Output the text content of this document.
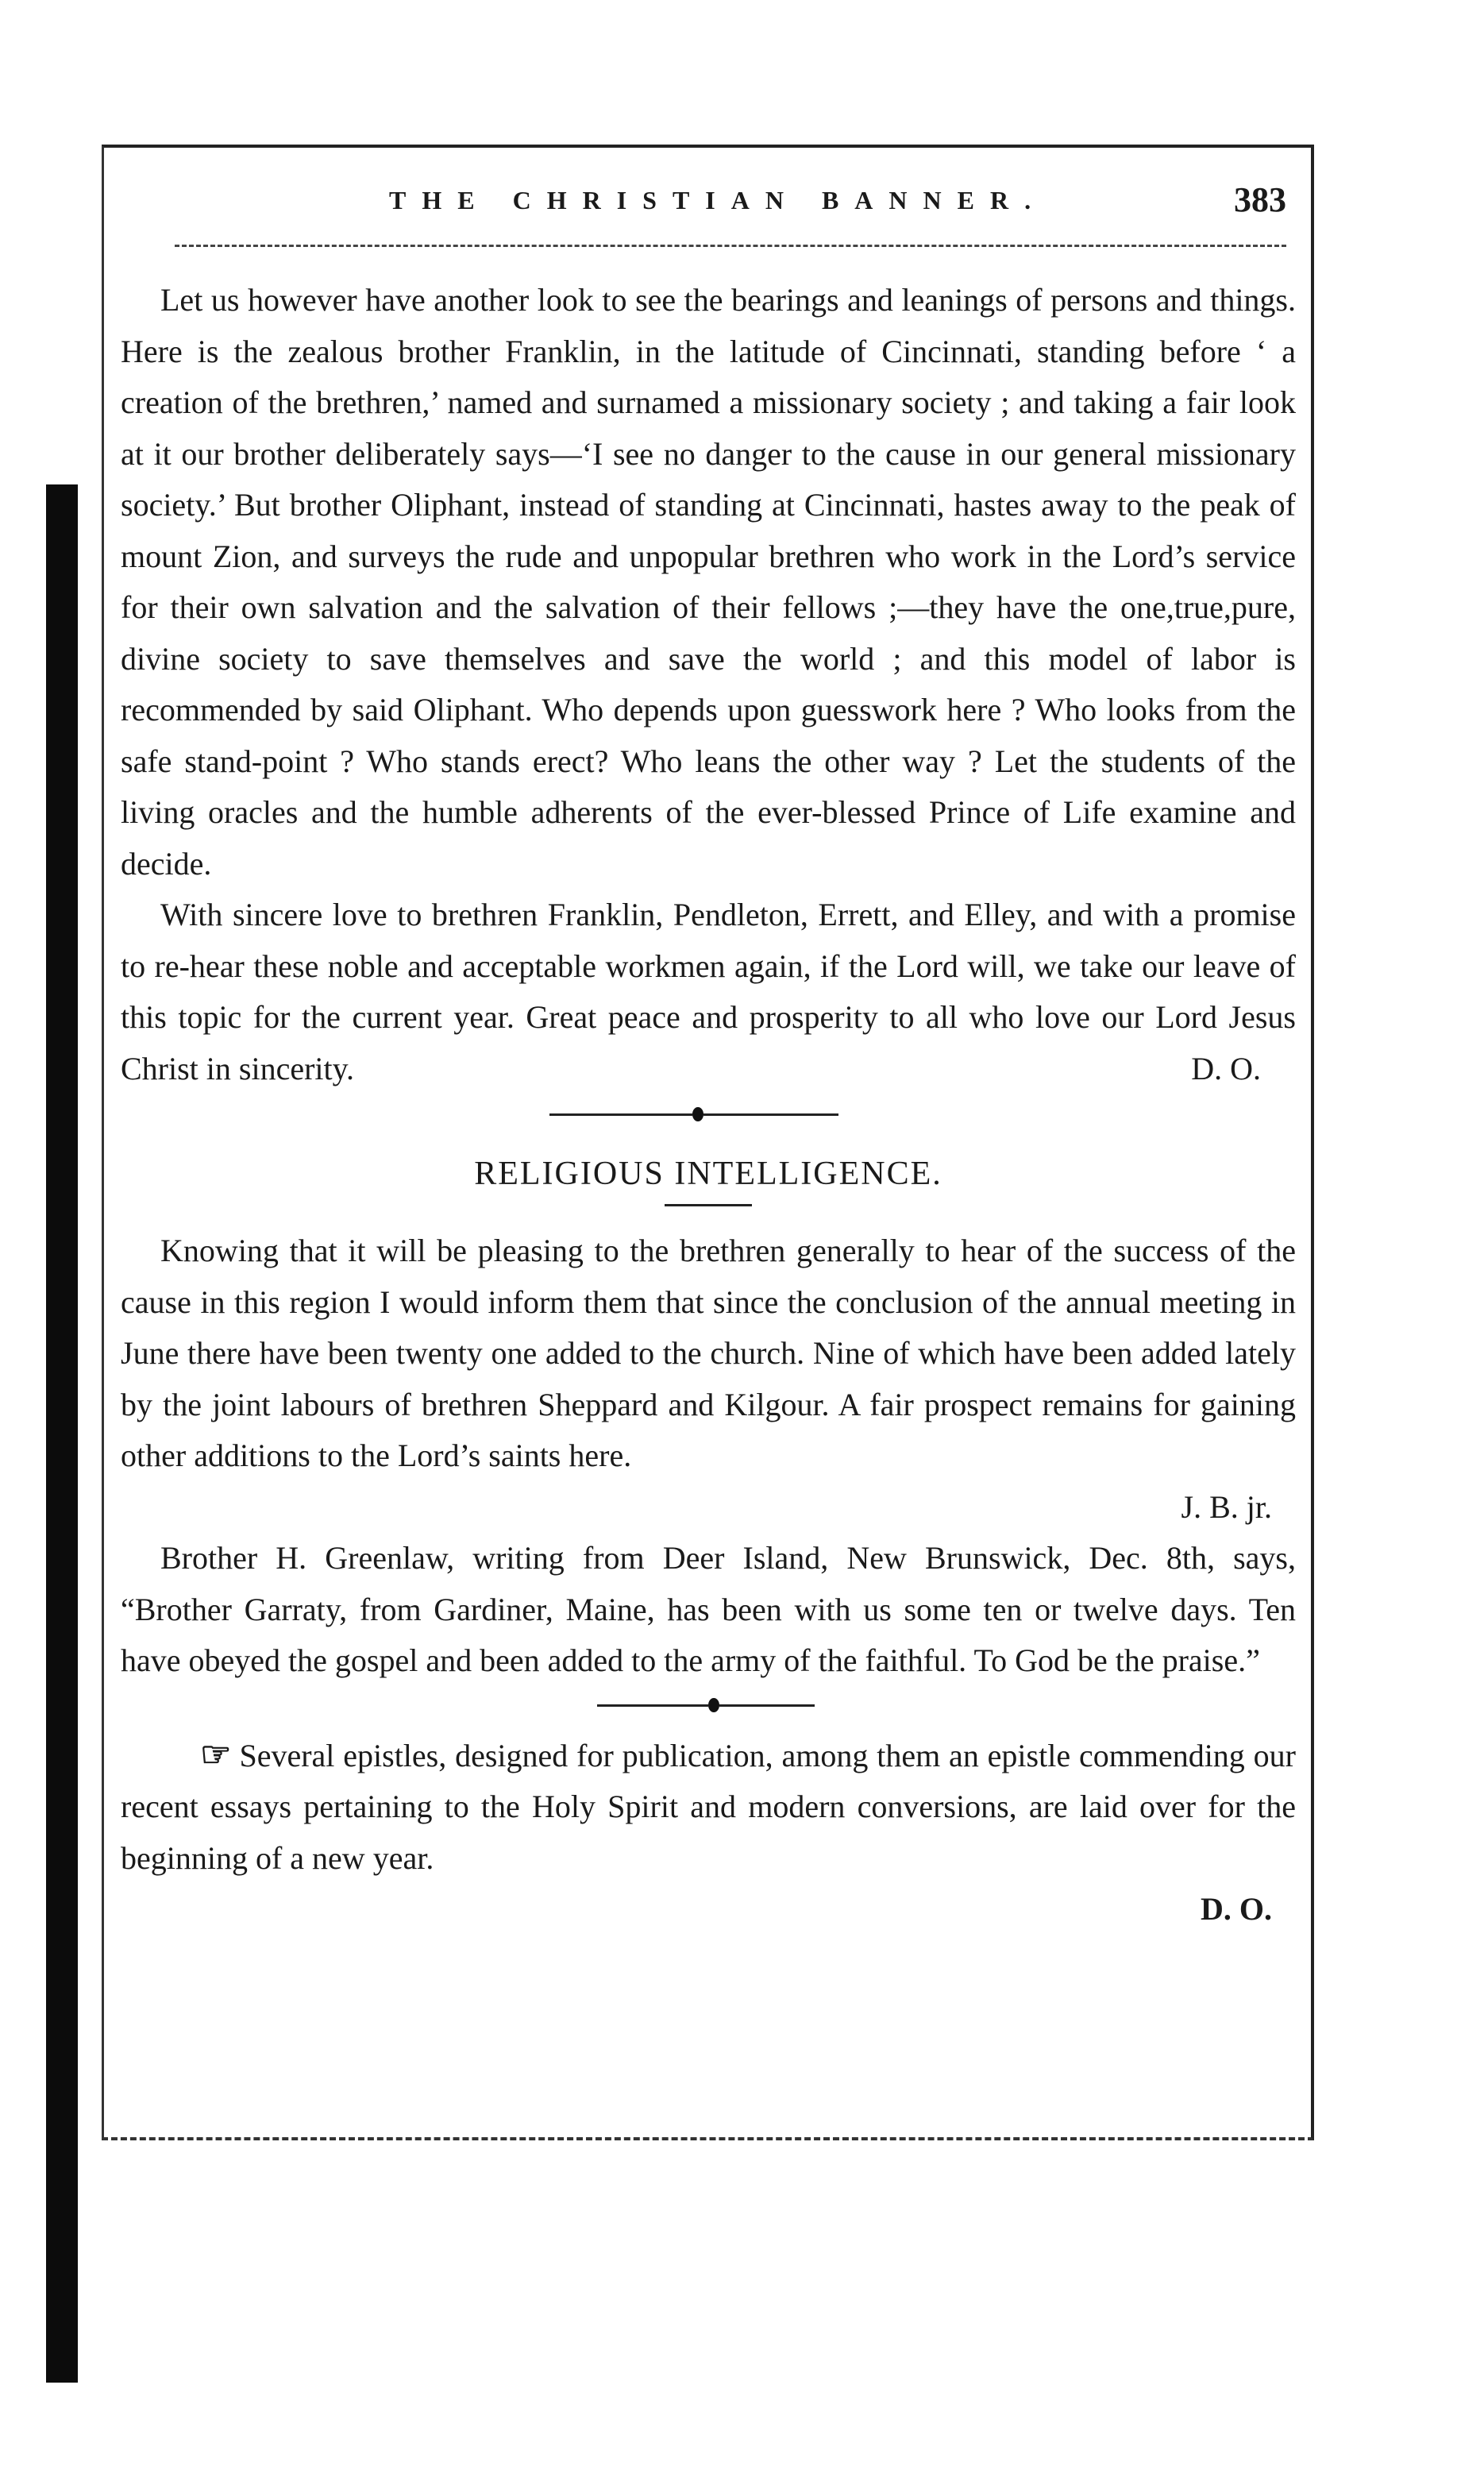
THE CHRISTIAN BANNER.	383

Let us however have another look to see the bearings and leanings of persons and things. Here is the zealous brother Franklin, in the latitude of Cincinnati, standing before ‘ a creation of the brethren,’ named and surnamed a missionary society ; and taking a fair look at it our brother deliberately says—‘I see no danger to the cause in our general missionary society.’ But brother Oliphant, instead of standing at Cincinnati, hastes away to the peak of mount Zion, and surveys the rude and unpopular brethren who work in the Lord’s service for their own salvation and the salvation of their fellows ;—they have the one,true,pure, divine society to save themselves and save the world ; and this model of labor is recommended by said Oliphant. Who depends upon guesswork here ? Who looks from the safe stand-point ? Who stands erect? Who leans the other way ? Let the students of the living oracles and the humble adherents of the ever-blessed Prince of Life examine and decide.

With sincere love to brethren Franklin, Pendleton, Errett, and Elley, and with a promise to re-hear these noble and acceptable workmen again, if the Lord will, we take our leave of this topic for the current year. Great peace and prosperity to all who love our Lord Jesus Christ in sincerity.	D. O.

RELIGIOUS INTELLIGENCE.

Knowing that it will be pleasing to the brethren generally to hear of the success of the cause in this region I would inform them that since the conclusion of the annual meeting in June there have been twenty one added to the church. Nine of which have been added lately by the joint labours of brethren Sheppard and Kilgour. A fair prospect remains for gaining other additions to the Lord’s saints here.

J. B. jr.

Brother H. Greenlaw, writing from Deer Island, New Brunswick, Dec. 8th, says, “Brother Garraty, from Gardiner, Maine, has been with us some ten or twelve days. Ten have obeyed the gospel and been added to the army of the faithful. To God be the praise.”

☞ Several epistles, designed for publication, among them an epistle commending our recent essays pertaining to the Holy Spirit and modern conversions, are laid over for the beginning of a new year.

D. O.
